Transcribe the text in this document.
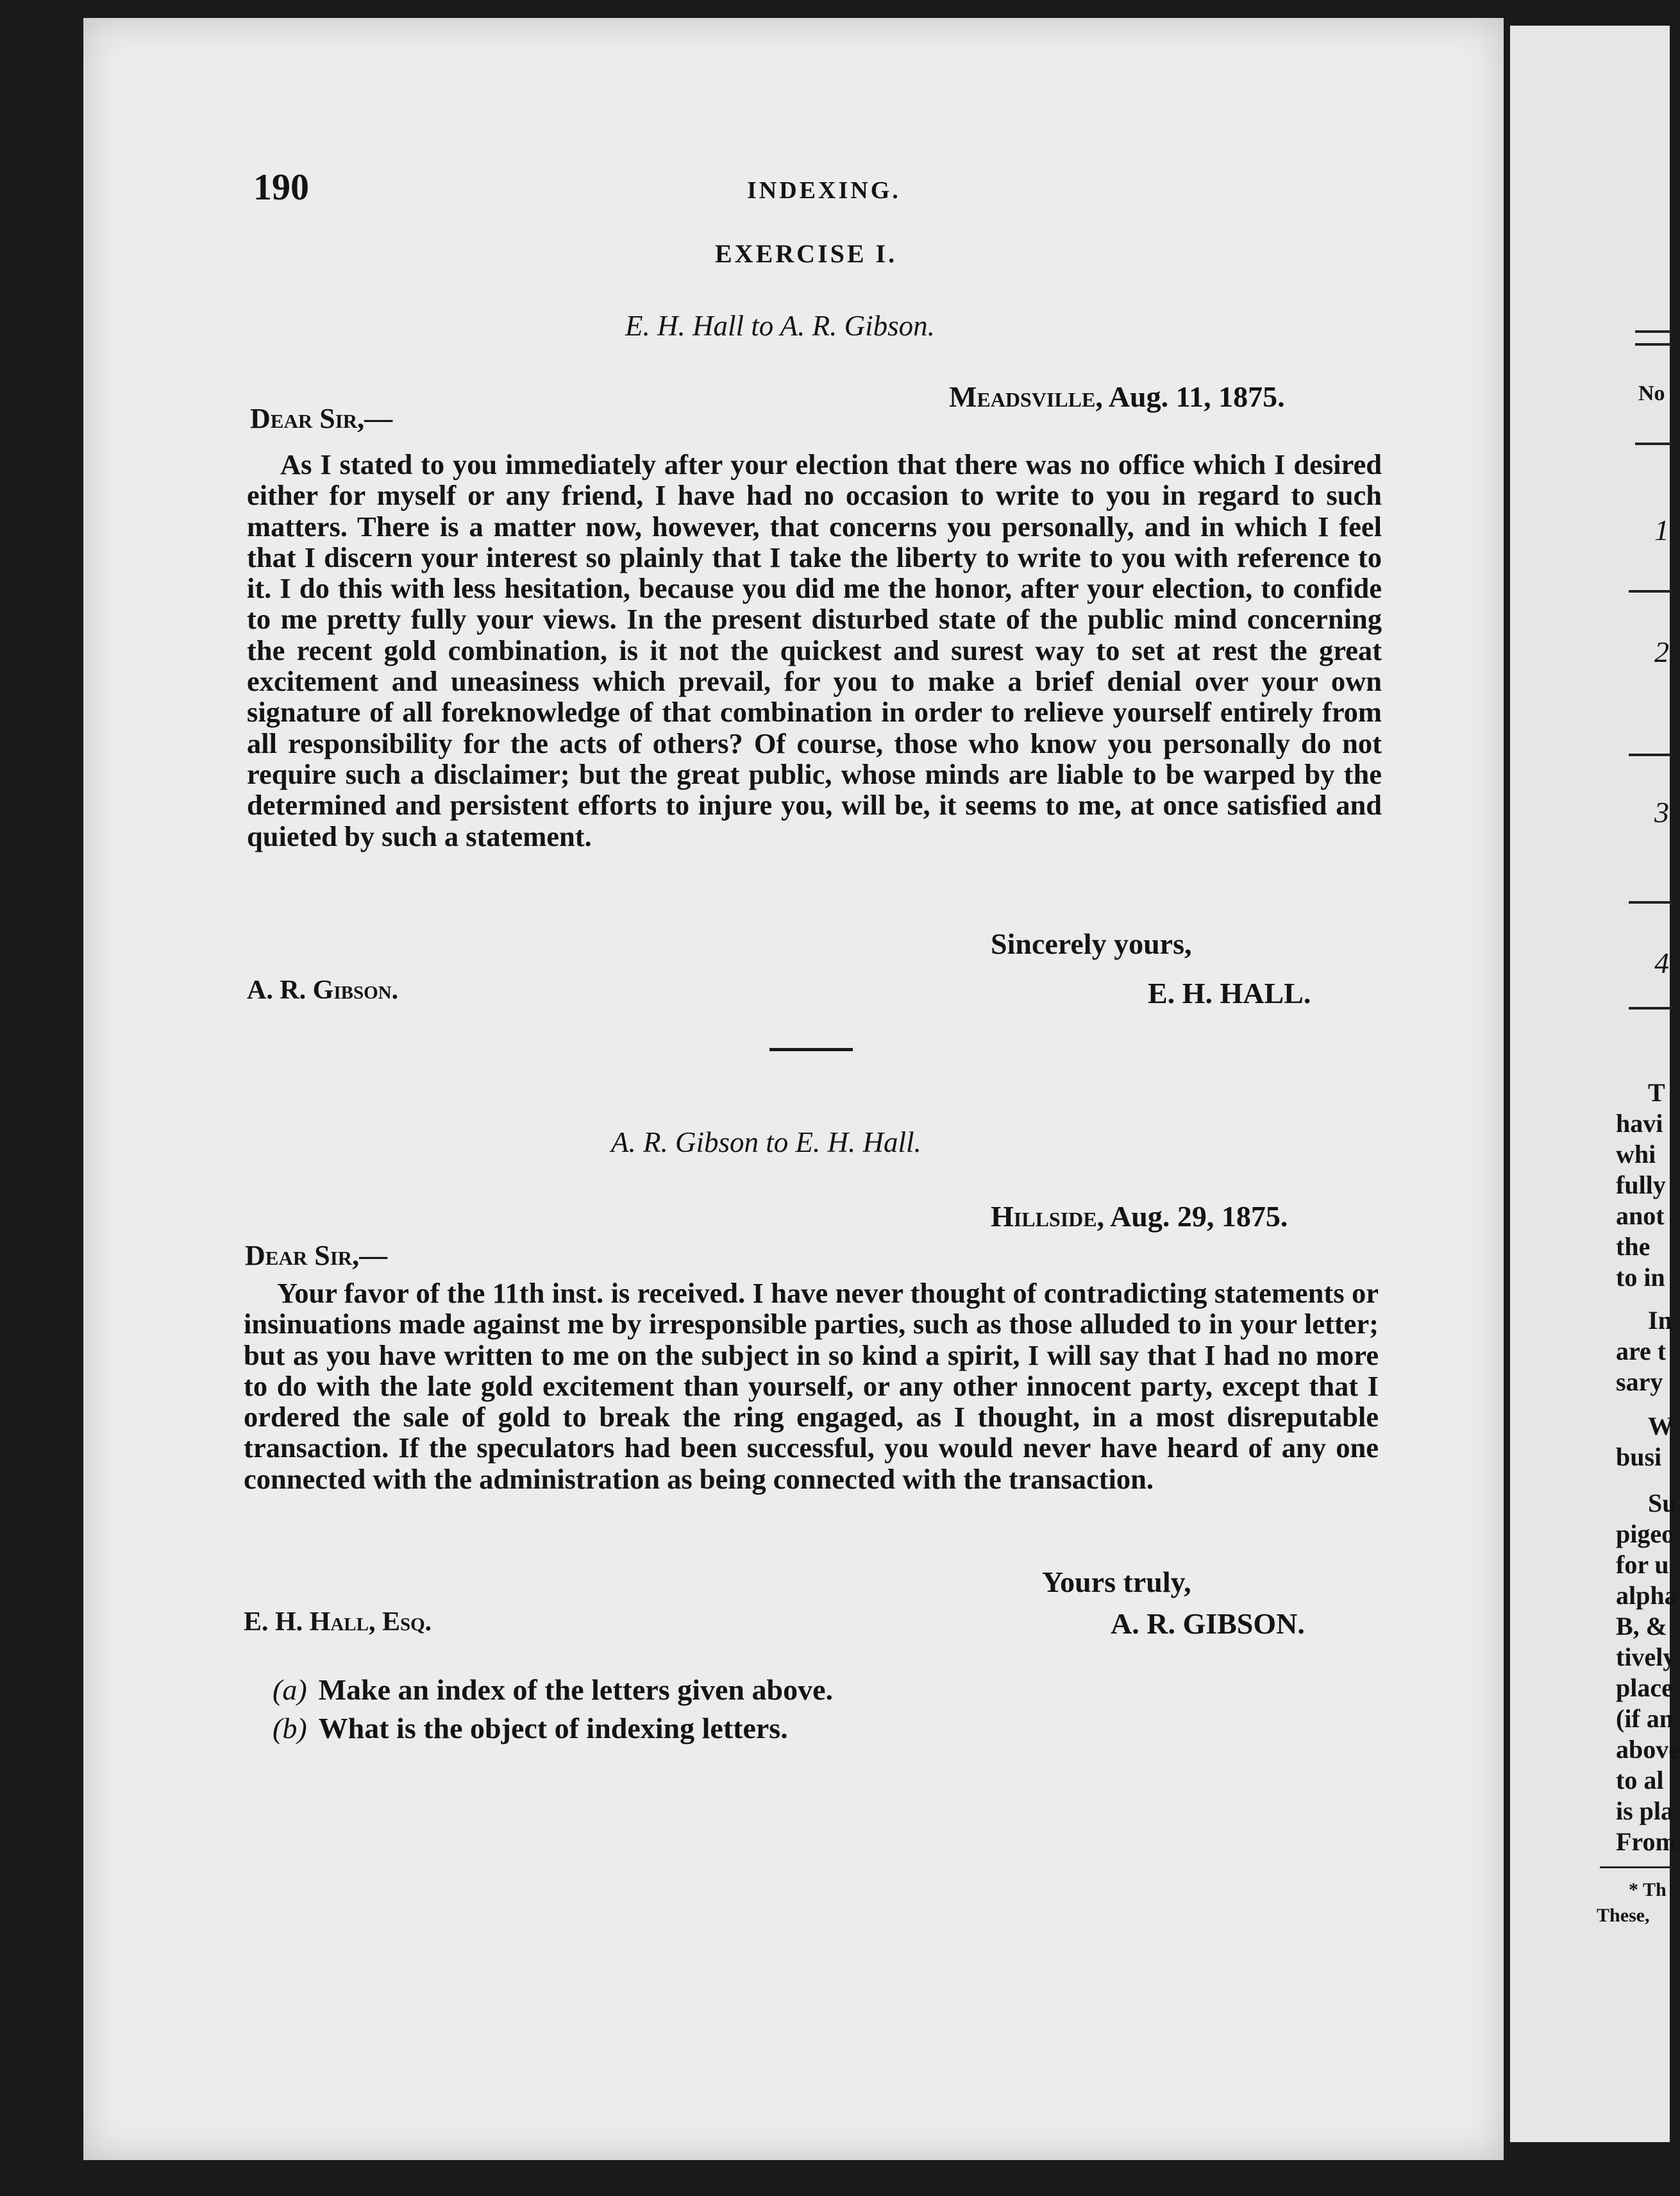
190	INDEXING.
EXERCISE I.
E. H. Hall to A. R. Gibson.
Meadsville, Aug. 11, 1875.
Dear Sir,—
As I stated to you immediately after your election that there was no office which I desired either for myself or any friend, I have had no occasion to write to you in regard to such matters. There is a matter now, however, that concerns you personally, and in which I feel that I discern your interest so plainly that I take the liberty to write to you with reference to it. I do this with less hesitation, because you did me the honor, after your election, to confide to me pretty fully your views. In the present disturbed state of the public mind concerning the recent gold combination, is it not the quickest and surest way to set at rest the great excitement and uneasiness which prevail, for you to make a brief denial over your own signature of all foreknowledge of that combination in order to relieve yourself entirely from all responsibility for the acts of others? Of course, those who know you personally do not require such a disclaimer; but the great public, whose minds are liable to be warped by the determined and persistent efforts to injure you, will be, it seems to me, at once satisfied and quieted by such a statement.
Sincerely yours,
A. R. Gibson.	E. H. HALL.
A. R. Gibson to E. H. Hall.
Hillside, Aug. 29, 1875.
Dear Sir,—
Your favor of the 11th inst. is received. I have never thought of contradicting statements or insinuations made against me by irresponsible parties, such as those alluded to in your letter; but as you have written to me on the subject in so kind a spirit, I will say that I had no more to do with the late gold excitement than yourself, or any other innocent party, except that I ordered the sale of gold to break the ring engaged, as I thought, in a most disreputable transaction. If the speculators had been successful, you would never have heard of any one connected with the administration as being connected with the transaction.
Yours truly,
E. H. Hall, Esq.	A. R. GIBSON.
(a) Make an index of the letters given above.
(b) What is the object of indexing letters.
No
1
2
3
4
T
havi
whi
fully
anot
the
to in
In
are t
sary
W
busi
Su
pigeo
for u
alpha
B, &
tively
place
(if an
above
to al
is pla
From
* Th
These,
